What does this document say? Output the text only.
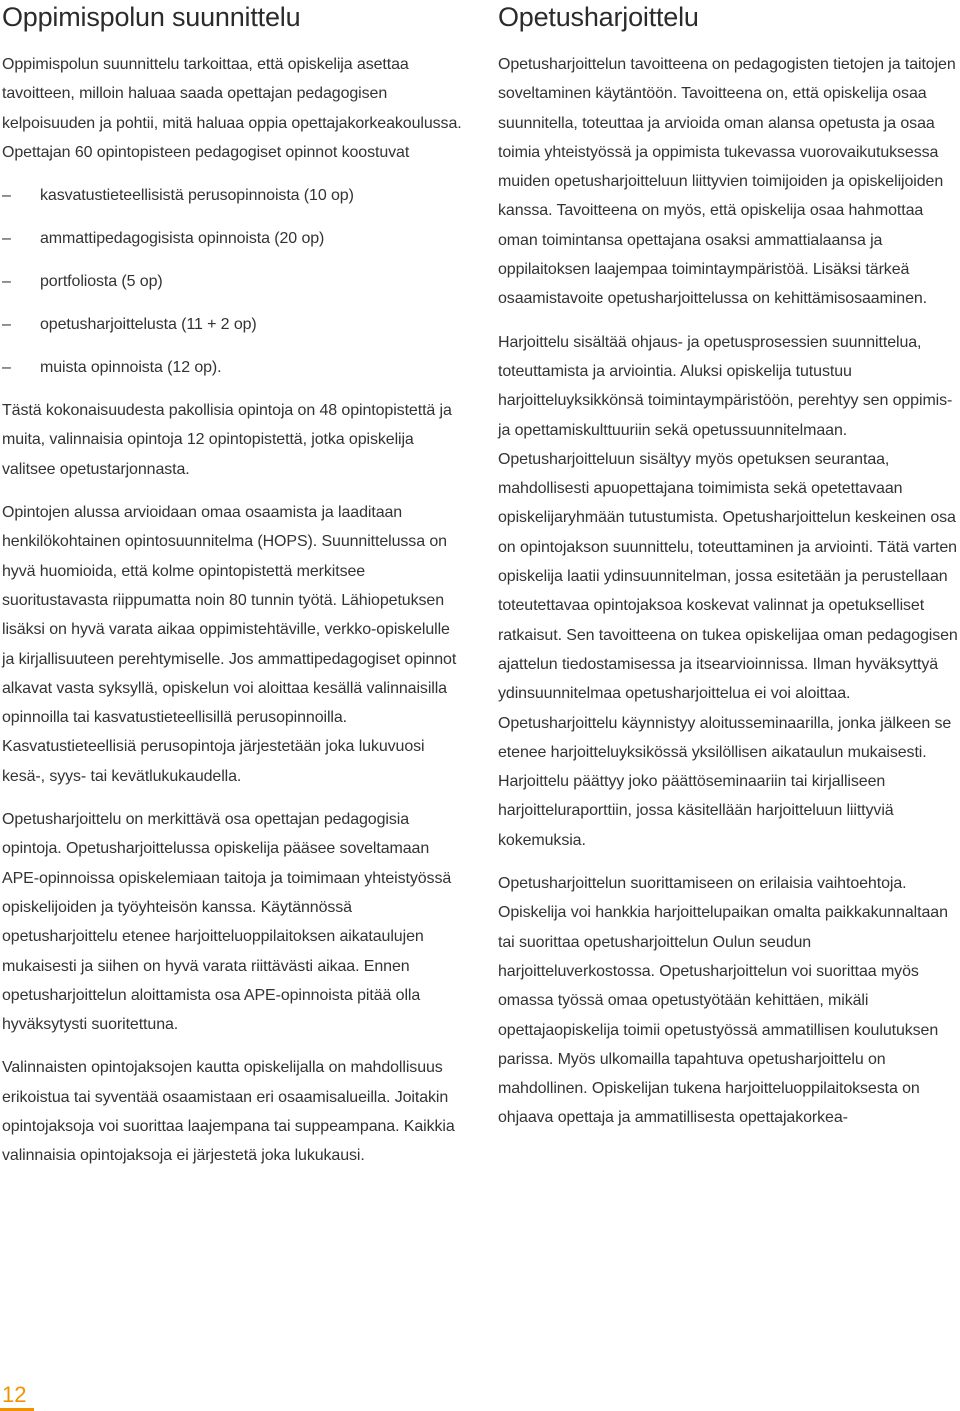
Oppimispolun suunnittelu

Oppimispolun suunnittelu tarkoittaa, että opiskelija asettaa tavoitteen, milloin haluaa saada opettajan pedagogisen kelpoisuuden ja pohtii, mitä haluaa oppia opettajakorkeakoulussa. Opettajan 60 opintopisteen pedagogiset opinnot koostuvat

– kasvatustieteellisistä perusopinnoista (10 op)
– ammattipedagogisista opinnoista (20 op)
– portfoliosta (5 op)
– opetusharjoittelusta (11 + 2 op)
– muista opinnoista (12 op).

Tästä kokonaisuudesta pakollisia opintoja on 48 opintopistettä ja muita, valinnaisia opintoja 12 opintopistettä, jotka opiskelija valitsee opetustarjonnasta.

Opintojen alussa arvioidaan omaa osaamista ja laaditaan henkilökohtainen opintosuunnitelma (HOPS). Suunnittelussa on hyvä huomioida, että kolme opintopistettä merkitsee suoritustavasta riippumatta noin 80 tunnin työtä. Lähiopetuksen lisäksi on hyvä varata aikaa oppimistehtäville, verkko-opiskelulle ja kirjallisuuteen perehtymiselle. Jos ammattipedagogiset opinnot alkavat vasta syksyllä, opiskelun voi aloittaa kesällä valinnaisilla opinnoilla tai kasvatustieteellisillä perusopinnoilla. Kasvatustieteellisiä perusopintoja järjestetään joka lukuvuosi kesä-, syys- tai kevätlukukaudella.

Opetusharjoittelu on merkittävä osa opettajan pedagogisia opintoja. Opetusharjoittelussa opiskelija pääsee soveltamaan APE-opinnoissa opiskelemiaan taitoja ja toimimaan yhteistyössä opiskelijoiden ja työyhteisön kanssa. Käytännössä opetusharjoittelu etenee harjoitteluoppilaitoksen aikataulujen mukaisesti ja siihen on hyvä varata riittävästi aikaa. Ennen opetusharjoittelun aloittamista osa APE-opinnoista pitää olla hyväksytysti suoritettuna.

Valinnaisten opintojaksojen kautta opiskelijalla on mahdollisuus erikoistua tai syventää osaamistaan eri osaamisalueilla. Joitakin opintojaksoja voi suorittaa laajempana tai suppeampana. Kaikkia valinnaisia opintojaksoja ei järjestetä joka lukukausi.

Opetusharjoittelu

Opetusharjoittelun tavoitteena on pedagogisten tietojen ja taitojen soveltaminen käytäntöön. Tavoitteena on, että opiskelija osaa suunnitella, toteuttaa ja arvioida oman alansa opetusta ja osaa toimia yhteistyössä ja oppimista tukevassa vuorovaikutuksessa muiden opetusharjoitteluun liittyvien toimijoiden ja opiskelijoiden kanssa. Tavoitteena on myös, että opiskelija osaa hahmottaa oman toimintansa opettajana osaksi ammattialaansa ja oppilaitoksen laajempaa toimintaympäristöä. Lisäksi tärkeä osaamistavoite opetusharjoittelussa on kehittämisosaaminen.

Harjoittelu sisältää ohjaus- ja opetusprosessien suunnittelua, toteuttamista ja arviointia. Aluksi opiskelija tutustuu harjoitteluyksikkönsä toimintaympäristöön, perehtyy sen oppimis- ja opettamiskulttuuriin sekä opetussuunnitelmaan. Opetusharjoitteluun sisältyy myös opetuksen seurantaa, mahdollisesti apuopettajana toimimista sekä opetettavaan opiskelijaryhmään tutustumista. Opetusharjoittelun keskeinen osa on opintojakson suunnittelu, toteuttaminen ja arviointi. Tätä varten opiskelija laatii ydinsuunnitelman, jossa esitetään ja perustellaan toteutettavaa opintojaksoa koskevat valinnat ja opetukselliset ratkaisut. Sen tavoitteena on tukea opiskelijaa oman pedagogisen ajattelun tiedostamisessa ja itsearvioinnissa. Ilman hyväksyttyä ydinsuunnitelmaa opetusharjoittelua ei voi aloittaa. Opetusharjoittelu käynnistyy aloitusseminaarilla, jonka jälkeen se etenee harjoitteluyksikössä yksilöllisen aikataulun mukaisesti. Harjoittelu päättyy joko päättöseminaariin tai kirjalliseen harjoitteluraporttiin, jossa käsitellään harjoitteluun liittyviä kokemuksia.

Opetusharjoittelun suorittamiseen on erilaisia vaihtoehtoja. Opiskelija voi hankkia harjoittelupaikan omalta paikkakunnaltaan tai suorittaa opetusharjoittelun Oulun seudun harjoitteluverkostossa. Opetusharjoittelun voi suorittaa myös omassa työssä omaa opetustyötään kehittäen, mikäli opettajaopiskelija toimii opetustyössä ammatillisen koulutuksen parissa. Myös ulkomailla tapahtuva opetusharjoittelu on mahdollinen. Opiskelijan tukena harjoitteluoppilaitoksesta on ohjaava opettaja ja ammatillisesta opettajakorkea-

12
